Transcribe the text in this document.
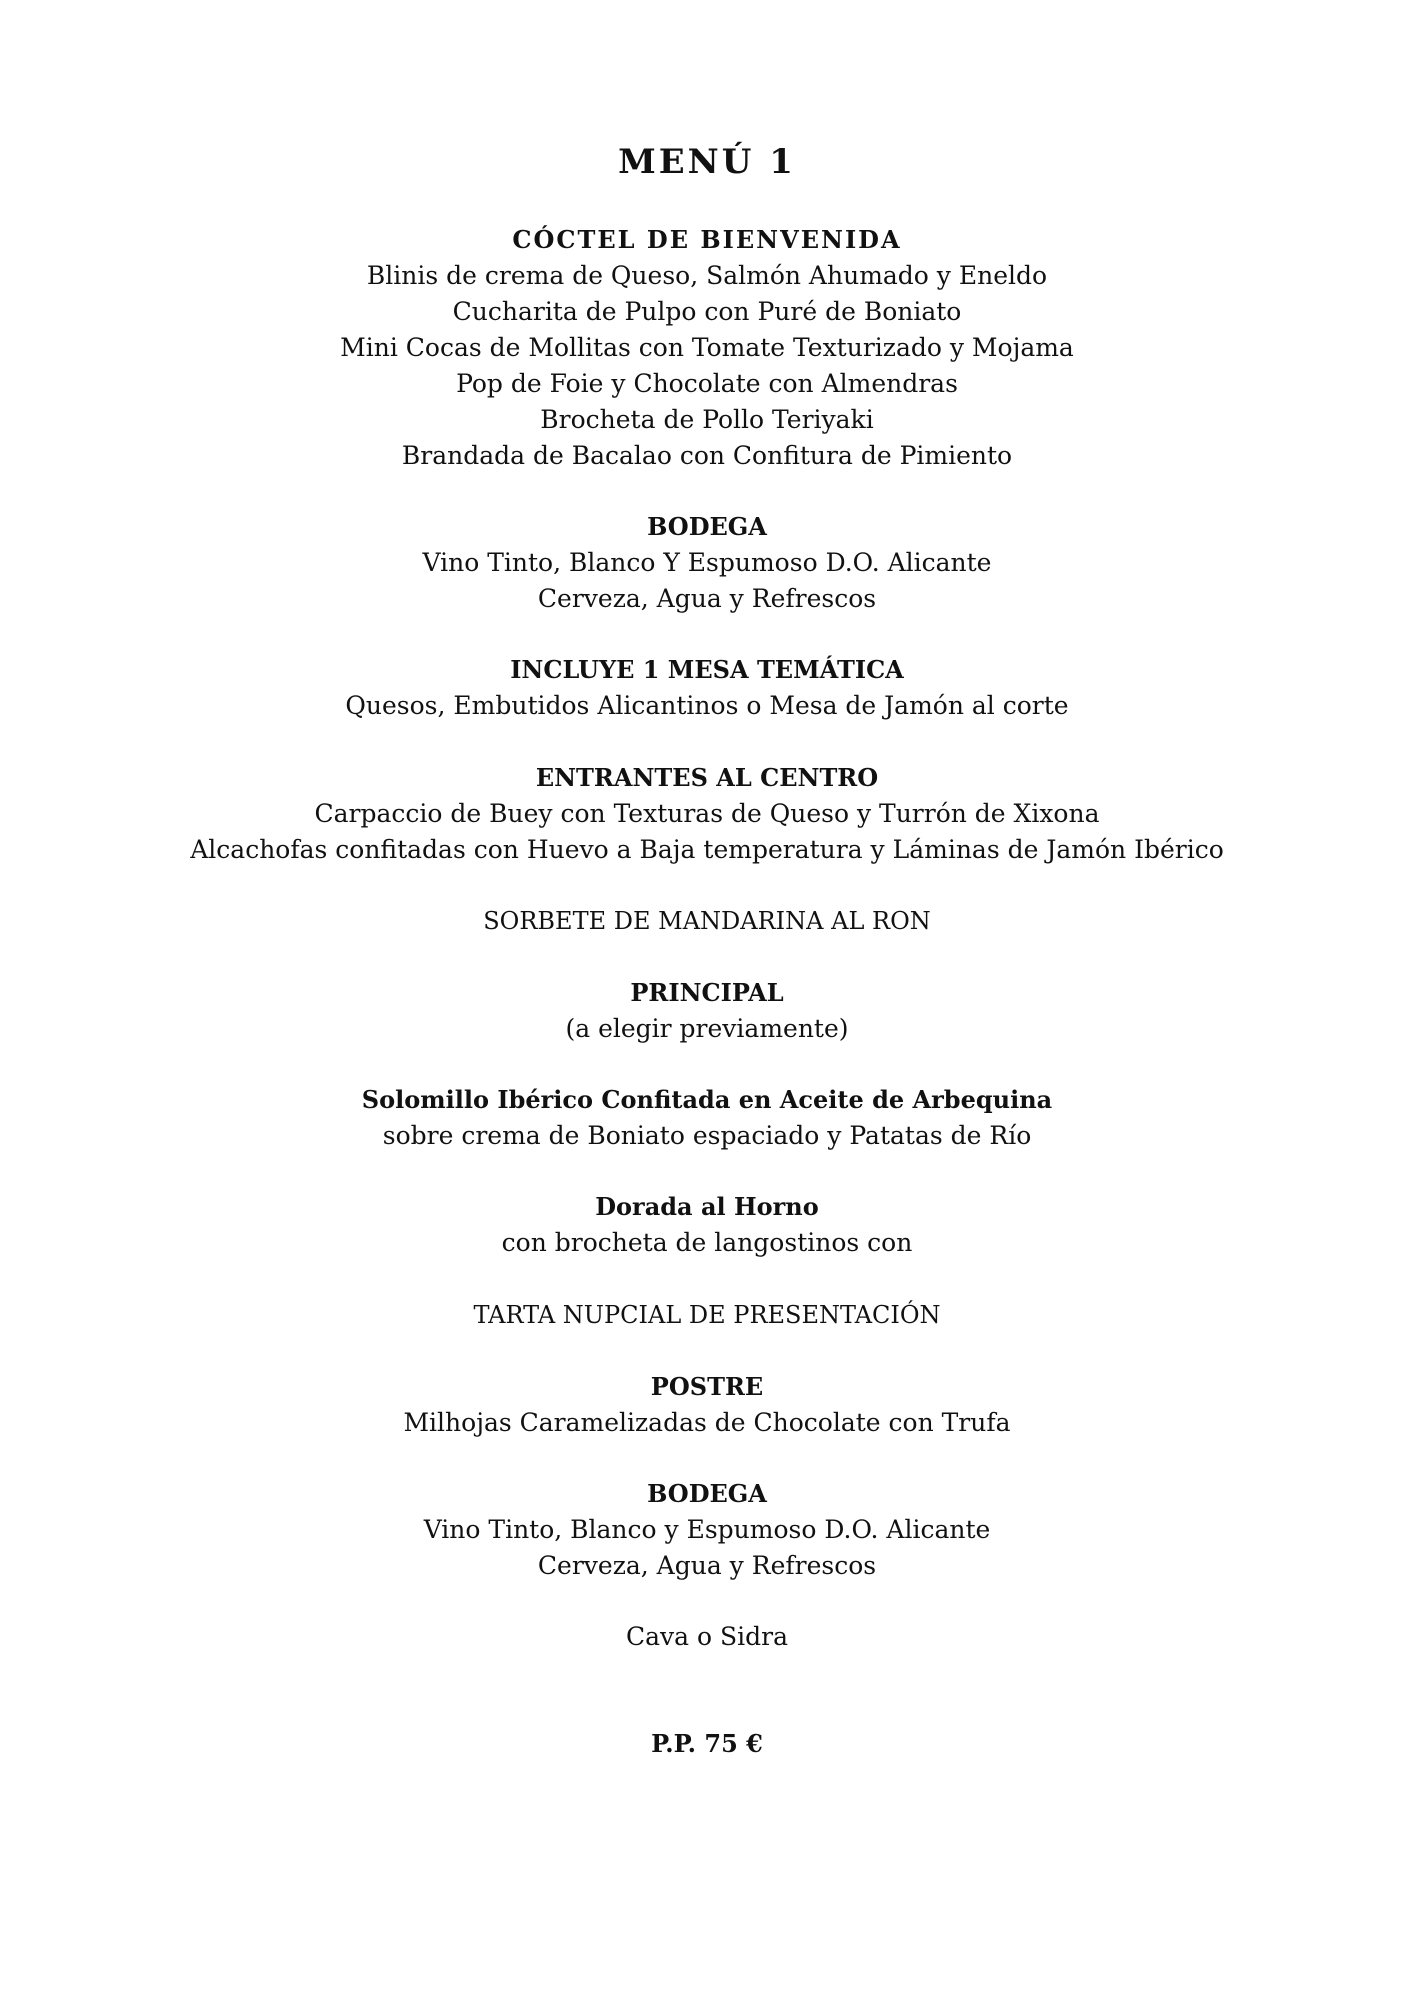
MENÚ 1
CÓCTEL DE BIENVENIDA
Blinis de crema de Queso, Salmón Ahumado y Eneldo
Cucharita de Pulpo con Puré de Boniato
Mini Cocas de Mollitas con Tomate Texturizado y Mojama
Pop de Foie y Chocolate con Almendras
Brocheta de Pollo Teriyaki
Brandada de Bacalao con Confitura de Pimiento
BODEGA
Vino Tinto, Blanco Y Espumoso D.O. Alicante
Cerveza, Agua y Refrescos
INCLUYE 1 MESA TEMÁTICA
Quesos, Embutidos Alicantinos o Mesa de Jamón al corte
ENTRANTES AL CENTRO
Carpaccio de Buey con Texturas de Queso y Turrón de Xixona
Alcachofas confitadas con Huevo a Baja temperatura y Láminas de Jamón Ibérico
SORBETE DE MANDARINA AL RON
PRINCIPAL
(a elegir previamente)
Solomillo Ibérico Confitada en Aceite de Arbequina
sobre crema de Boniato espaciado y Patatas de Río
Dorada al Horno
con brocheta de langostinos con
TARTA NUPCIAL DE PRESENTACIÓN
POSTRE
Milhojas Caramelizadas de Chocolate con Trufa
BODEGA
Vino Tinto, Blanco y Espumoso D.O. Alicante
Cerveza, Agua y Refrescos
Cava o Sidra
P.P. 75 €
